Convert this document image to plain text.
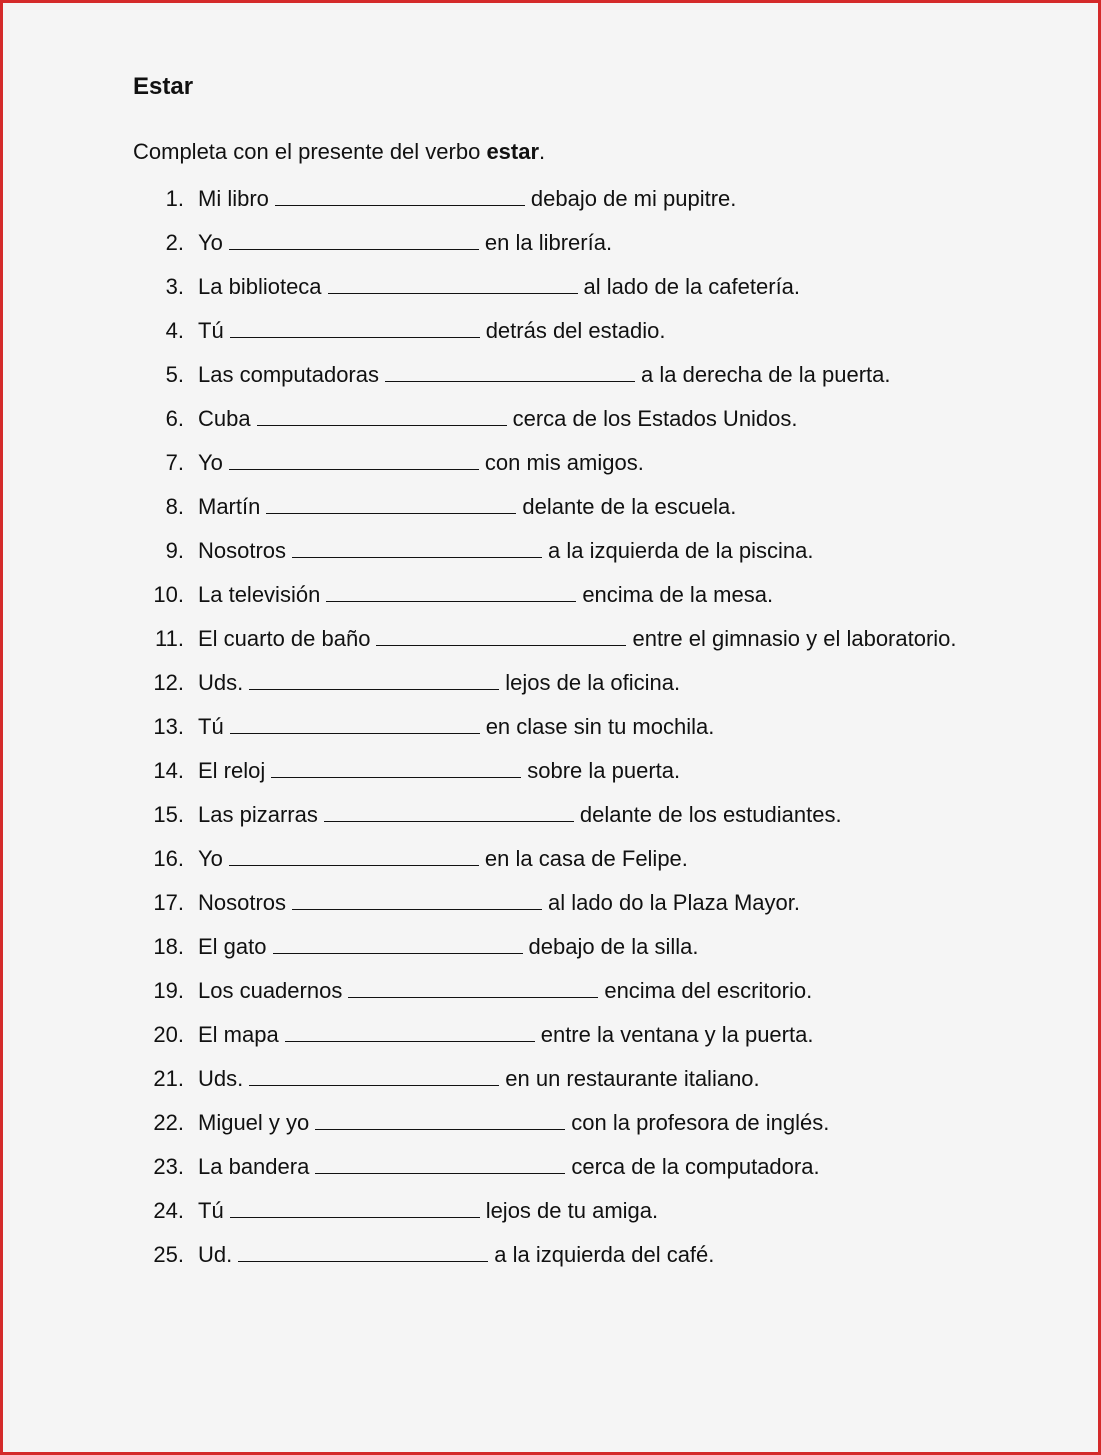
Estar
Completa con el presente del verbo estar.
1. Mi libro	debajo de mi pupitre.
2. Yo	en la librería.
3. La biblioteca	al lado de la cafetería.
4. Tú	detrás del estadio.
5. Las computadoras	a la derecha de la puerta.
6. Cuba	cerca de los Estados Unidos.
7. Yo	con mis amigos.
8. Martín	delante de la escuela.
9. Nosotros	a la izquierda de la piscina.
10. La televisión	encima de la mesa.
11. El cuarto de baño	entre el gimnasio y el laboratorio.
12. Uds.	lejos de la oficina.
13. Tú	en clase sin tu mochila.
14. El reloj	sobre la puerta.
15. Las pizarras	delante de los estudiantes.
16. Yo	en la casa de Felipe.
17. Nosotros	al lado do la Plaza Mayor.
18. El gato	debajo de la silla.
19. Los cuadernos	encima del escritorio.
20. El mapa	entre la ventana y la puerta.
21. Uds.	en un restaurante italiano.
22. Miguel y yo	con la profesora de inglés.
23. La bandera	cerca de la computadora.
24. Tú	lejos de tu amiga.
25. Ud.	a la izquierda del café.
